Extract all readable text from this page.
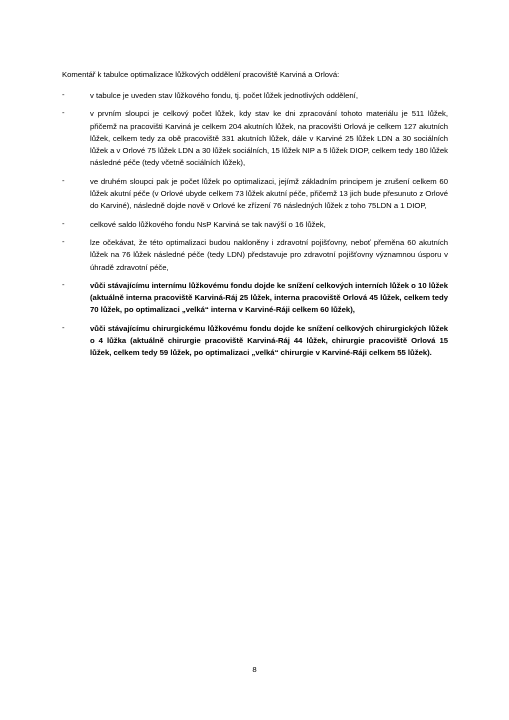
Komentář k tabulce optimalizace lůžkových oddělení pracoviště Karviná a Orlová:

-	v tabulce je uveden stav lůžkového fondu, tj. počet lůžek jednotlivých oddělení,
-	v prvním sloupci je celkový počet lůžek, kdy stav ke dni zpracování tohoto materiálu je 511 lůžek, přičemž na pracovišti Karviná je celkem 204 akutních lůžek, na pracovišti Orlová je celkem 127 akutních lůžek, celkem tedy za obě pracoviště 331 akutních lůžek, dále v Karviné 25 lůžek LDN a 30 sociálních lůžek a v Orlové 75 lůžek LDN a 30 lůžek sociálních, 15 lůžek NIP a 5 lůžek DIOP, celkem tedy 180 lůžek následné péče (tedy včetně sociálních lůžek),
-	ve druhém sloupci pak je počet lůžek po optimalizaci, jejímž základním principem je zrušení celkem 60 lůžek akutní péče (v Orlové ubyde celkem 73 lůžek akutní péče, přičemž 13 jich bude přesunuto z Orlové do Karviné), následně dojde nově v Orlové ke zřízení 76 následných lůžek z toho 75LDN a 1 DIOP,
-	celkové saldo lůžkového fondu NsP Karviná se tak navýší o 16 lůžek,
-	lze očekávat, že této optimalizaci budou nakloněny i zdravotní pojišťovny, neboť přeměna 60 akutních lůžek na 76 lůžek následné péče (tedy LDN) představuje pro zdravotní pojišťovny významnou úsporu v úhradě zdravotní péče,
-	vůči stávajícímu internímu lůžkovému fondu dojde ke snížení celkových interních lůžek o 10 lůžek (aktuálně interna pracoviště Karviná-Ráj 25 lůžek, interna pracoviště Orlová 45 lůžek, celkem tedy 70 lůžek, po optimalizaci „velká“ interna v Karviné-Ráji celkem 60 lůžek),
-	vůči stávajícímu chirurgickému lůžkovému fondu dojde ke snížení celkových chirurgických lůžek o 4 lůžka (aktuálně chirurgie pracoviště Karviná-Ráj 44 lůžek, chirurgie pracoviště Orlová 15 lůžek, celkem tedy 59 lůžek, po optimalizaci „velká“ chirurgie v Karviné-Ráji celkem 55 lůžek).
8
